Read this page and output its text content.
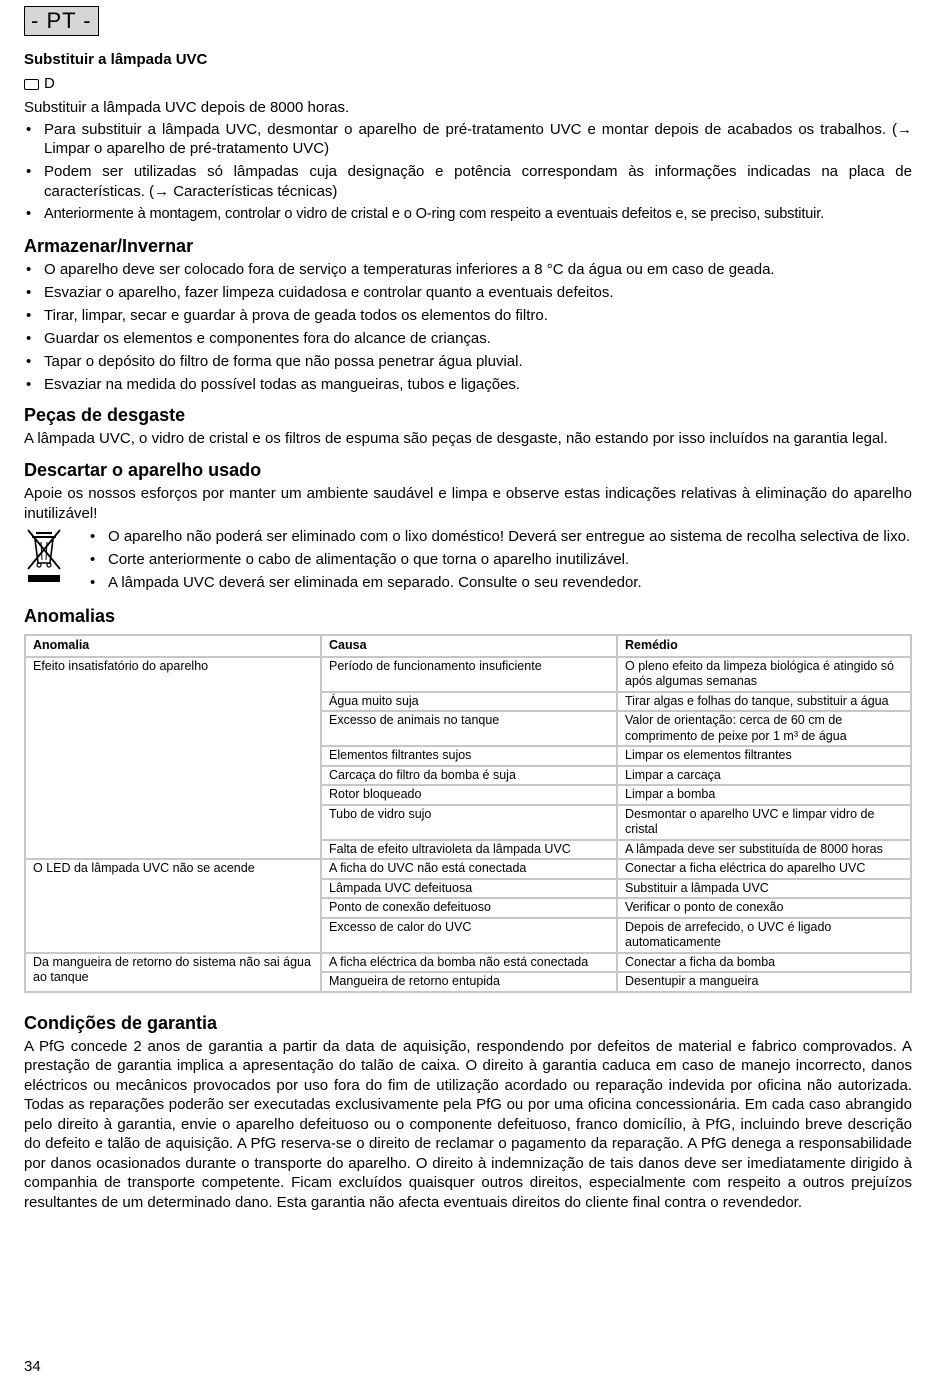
- PT -
Substituir a lâmpada UVC
D
Substituir a lâmpada UVC depois de 8000 horas.
• Para substituir a lâmpada UVC, desmontar o aparelho de pré-tratamento UVC e montar depois de acabados os trabalhos. (→ Limpar o aparelho de pré-tratamento UVC)
• Podem ser utilizadas só lâmpadas cuja designação e potência correspondam às informações indicadas na placa de características. (→ Características técnicas)
• Anteriormente à montagem, controlar o vidro de cristal e o O-ring com respeito a eventuais defeitos e, se preciso, substituir.
Armazenar/Invernar
• O aparelho deve ser colocado fora de serviço a temperaturas inferiores a 8 °C da água ou em caso de geada.
• Esvaziar o aparelho, fazer limpeza cuidadosa e controlar quanto a eventuais defeitos.
• Tirar, limpar, secar e guardar à prova de geada todos os elementos do filtro.
• Guardar os elementos e componentes fora do alcance de crianças.
• Tapar o depósito do filtro de forma que não possa penetrar água pluvial.
• Esvaziar na medida do possível todas as mangueiras, tubos e ligações.
Peças de desgaste
A lâmpada UVC, o vidro de cristal e os filtros de espuma são peças de desgaste, não estando por isso incluídos na garantia legal.
Descartar o aparelho usado
Apoie os nossos esforços por manter um ambiente saudável e limpa e observe estas indicações relativas à eliminação do aparelho inutilizável!
• O aparelho não poderá ser eliminado com o lixo doméstico! Deverá ser entregue ao sistema de recolha selectiva de lixo.
• Corte anteriormente o cabo de alimentação o que torna o aparelho inutilizável.
• A lâmpada UVC deverá ser eliminada em separado. Consulte o seu revendedor.
Anomalias
Anomalia	Causa	Remédio
Efeito insatisfatório do aparelho	Período de funcionamento insuficiente	O pleno efeito da limpeza biológica é atingido só após algumas semanas
	Água muito suja	Tirar algas e folhas do tanque, substituir a água
	Excesso de animais no tanque	Valor de orientação: cerca de 60 cm de comprimento de peixe por 1 m³ de água
	Elementos filtrantes sujos	Limpar os elementos filtrantes
	Carcaça do filtro da bomba é suja	Limpar a carcaça
	Rotor bloqueado	Limpar a bomba
	Tubo de vidro sujo	Desmontar o aparelho UVC e limpar vidro de cristal
	Falta de efeito ultravioleta da lâmpada UVC	A lâmpada deve ser substituída de 8000 horas
O LED da lâmpada UVC não se acende	A ficha do UVC não está conectada	Conectar a ficha eléctrica do aparelho UVC
	Lâmpada UVC defeituosa	Substituir a lâmpada UVC
	Ponto de conexão defeituoso	Verificar o ponto de conexão
	Excesso de calor do UVC	Depois de arrefecido, o UVC é ligado automaticamente
Da mangueira de retorno do sistema não sai água ao tanque	A ficha eléctrica da bomba não está conectada	Conectar a ficha da bomba
	Mangueira de retorno entupida	Desentupir a mangueira
Condições de garantia
A PfG concede 2 anos de garantia a partir da data de aquisição, respondendo por defeitos de material e fabrico comprovados. A prestação de garantia implica a apresentação do talão de caixa. O direito à garantia caduca em caso de manejo incorrecto, danos eléctricos ou mecânicos provocados por uso fora do fim de utilização acordado ou reparação indevida por oficina não autorizada. Todas as reparações poderão ser executadas exclusivamente pela PfG ou por uma oficina concessionária. Em cada caso abrangido pelo direito à garantia, envie o aparelho defeituoso ou o componente defeituoso, franco domicílio, à PfG, incluindo breve descrição do defeito e talão de aquisição. A PfG reserva-se o direito de reclamar o pagamento da reparação. A PfG denega a responsabilidade por danos ocasionados durante o transporte do aparelho. O direito à indemnização de tais danos deve ser imediatamente dirigido à companhia de transporte competente. Ficam excluídos quaisquer outros direitos, especialmente com respeito a outros prejuízos resultantes de um determinado dano. Esta garantia não afecta eventuais direitos do cliente final contra o revendedor.
34
